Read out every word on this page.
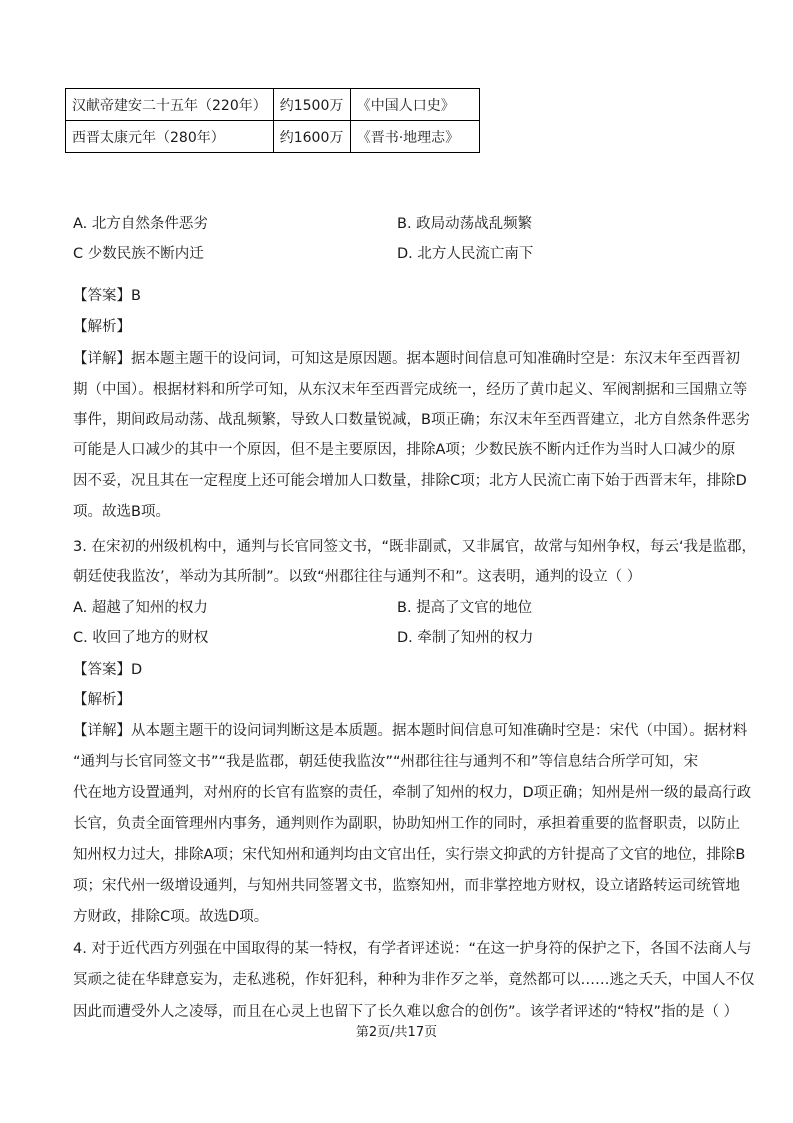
汉献帝建安二十五年（220年）	约1500万	《中国人口史》
西晋太康元年（280年）	约1600万	《晋书·地理志》
A. 北方自然条件恶劣	B. 政局动荡战乱频繁
C 少数民族不断内迁	D. 北方人民流亡南下
【答案】B
【解析】
【详解】据本题主题干的设问词，可知这是原因题。据本题时间信息可知准确时空是：东汉末年至西晋初
期（中国）。根据材料和所学可知，从东汉末年至西晋完成统一，经历了黄巾起义、军阀割据和三国鼎立等
事件，期间政局动荡、战乱频繁，导致人口数量锐减，B项正确；东汉末年至西晋建立，北方自然条件恶劣
可能是人口减少的其中一个原因，但不是主要原因，排除A项；少数民族不断内迁作为当时人口减少的原
因不妥，况且其在一定程度上还可能会增加人口数量，排除C项；北方人民流亡南下始于西晋末年，排除D
项。故选B项。
3. 在宋初的州级机构中，通判与长官同签文书，“既非副贰，又非属官，故常与知州争权，每云‘我是监郡，
朝廷使我监汝’，举动为其所制”。以致“州郡往往与通判不和”。这表明，通判的设立（ ）
A. 超越了知州的权力	B. 提高了文官的地位
C. 收回了地方的财权	D. 牵制了知州的权力
【答案】D
【解析】
【详解】从本题主题干的设问词判断这是本质题。据本题时间信息可知准确时空是：宋代（中国）。据材料
“通判与长官同签文书”“我是监郡，朝廷使我监汝”“州郡往往与通判不和”等信息结合所学可知，宋
代在地方设置通判，对州府的长官有监察的责任，牵制了知州的权力，D项正确；知州是州一级的最高行政
长官，负责全面管理州内事务，通判则作为副职，协助知州工作的同时，承担着重要的监督职责，以防止
知州权力过大，排除A项；宋代知州和通判均由文官出任，实行崇文抑武的方针提高了文官的地位，排除B
项；宋代州一级增设通判，与知州共同签署文书，监察知州，而非掌控地方财权，设立诸路转运司统管地
方财政，排除C项。故选D项。
4. 对于近代西方列强在中国取得的某一特权，有学者评述说：“在这一护身符的保护之下，各国不法商人与
冥顽之徒在华肆意妄为，走私逃税，作奸犯科，种种为非作歹之举，竟然都可以……逃之夭夭，中国人不仅
因此而遭受外人之凌辱，而且在心灵上也留下了长久难以愈合的创伤”。该学者评述的“特权”指的是（ ）
第2页/共17页
